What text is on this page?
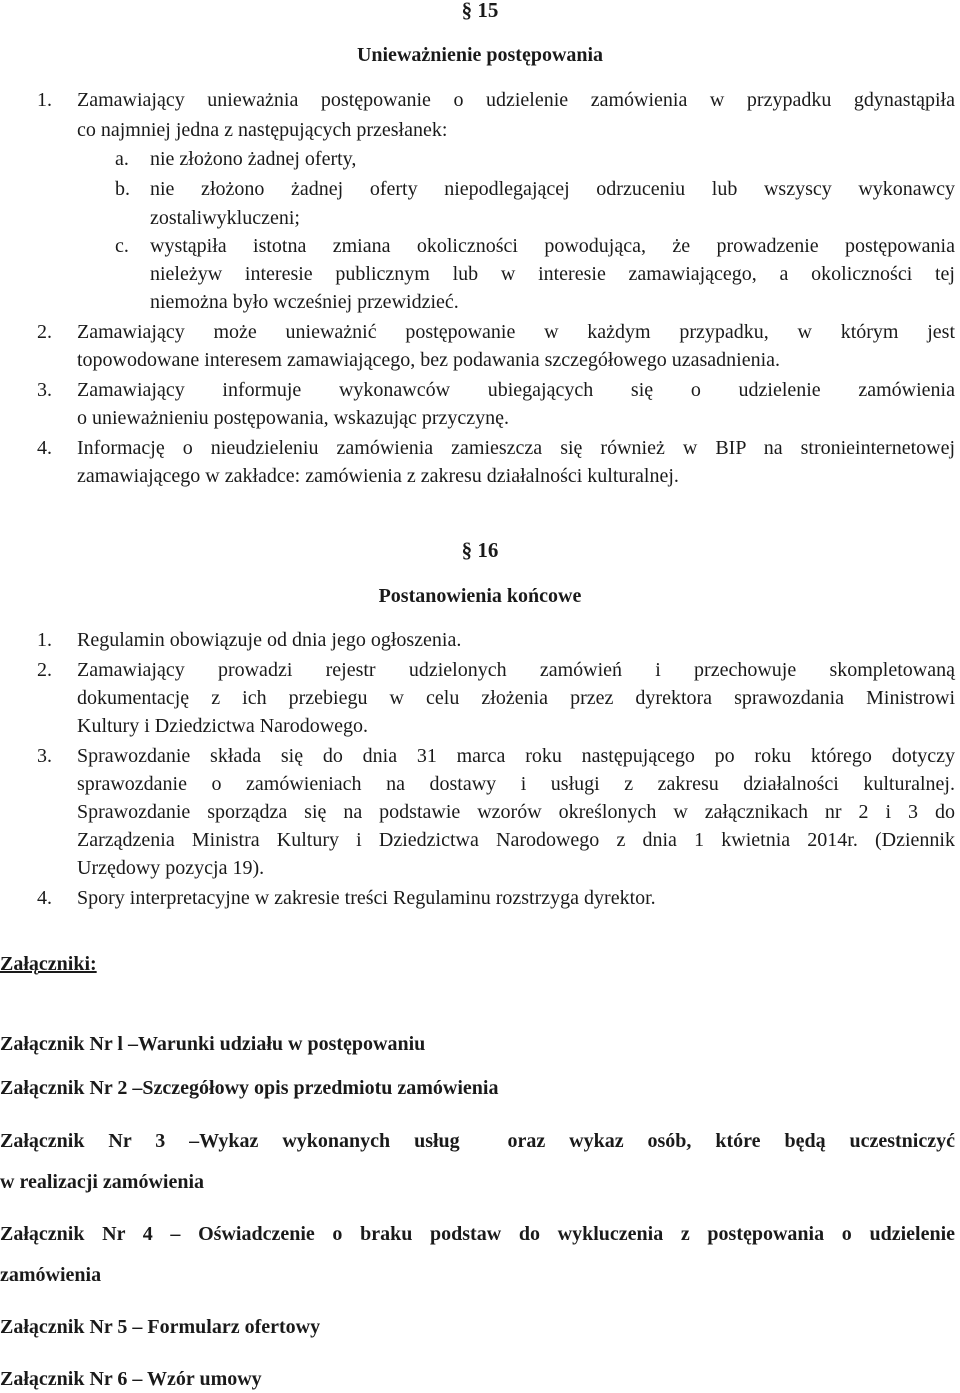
§ 15
Unieważnienie postępowania
1. Zamawiający unieważnia postępowanie o udzielenie zamówienia w przypadku gdynastąpiła
co najmniej jedna z następujących przesłanek:
a. nie złożono żadnej oferty,
b. nie złożono żadnej oferty niepodlegającej odrzuceniu lub wszyscy wykonawcy
zostaliwykluczeni;
c. wystąpiła istotna zmiana okoliczności powodująca, że prowadzenie postępowania
nieleżyw interesie publicznym lub w interesie zamawiającego, a okoliczności tej
niemożna było wcześniej przewidzieć.
2. Zamawiający może unieważnić postępowanie w każdym przypadku, w którym jest
topowodowane interesem zamawiającego, bez podawania szczegółowego uzasadnienia.
3. Zamawiający informuje wykonawców ubiegających się o udzielenie zamówienia
o unieważnieniu postępowania, wskazując przyczynę.
4. Informację o nieudzieleniu zamówienia zamieszcza się również w BIP na stronieinternetowej
zamawiającego w zakładce: zamówienia z zakresu działalności kulturalnej.
§ 16
Postanowienia końcowe
1. Regulamin obowiązuje od dnia jego ogłoszenia.
2. Zamawiający prowadzi rejestr udzielonych zamówień i przechowuje skompletowaną
dokumentację z ich przebiegu w celu złożenia przez dyrektora sprawozdania Ministrowi
Kultury i Dziedzictwa Narodowego.
3. Sprawozdanie składa się do dnia 31 marca roku następującego po roku którego dotyczy
sprawozdanie o zamówieniach na dostawy i usługi z zakresu działalności kulturalnej.
Sprawozdanie sporządza się na podstawie wzorów określonych w załącznikach nr 2 i 3 do
Zarządzenia Ministra Kultury i Dziedzictwa Narodowego z dnia 1 kwietnia 2014r. (Dziennik
Urzędowy pozycja 19).
4. Spory interpretacyjne w zakresie treści Regulaminu rozstrzyga dyrektor.
Załączniki:
Załącznik Nr l –Warunki udziału w postępowaniu
Załącznik Nr 2 –Szczegółowy opis przedmiotu zamówienia
Załącznik Nr 3 –Wykaz wykonanych usług  oraz wykaz osób, które będą uczestniczyć
w realizacji zamówienia
Załącznik Nr 4 – Oświadczenie o braku podstaw do wykluczenia z postępowania o udzielenie
zamówienia
Załącznik Nr 5 – Formularz ofertowy
Załącznik Nr 6 – Wzór umowy
